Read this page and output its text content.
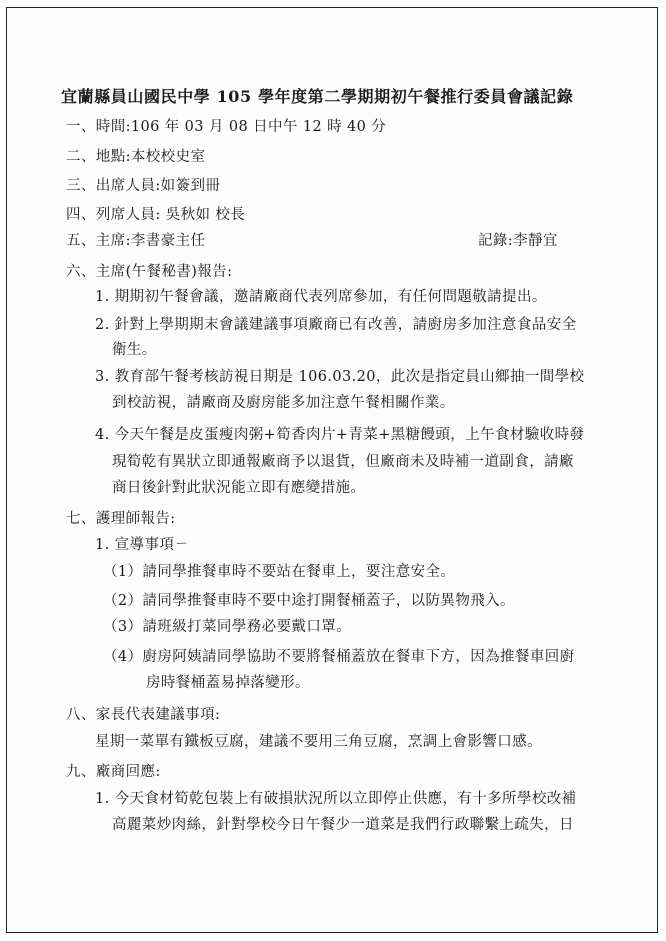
宜蘭縣員山國民中學 105 學年度第二學期期初午餐推行委員會議記錄
一、時間:106 年 03 月 08 日中午 12 時 40 分
二、地點:本校校史室
三、出席人員:如簽到冊
四、列席人員: 吳秋如 校長
五、主席:李書豪主任	記錄:李靜宜
六、主席(午餐秘書)報告:
1. 期期初午餐會議，邀請廠商代表列席參加，有任何問題敬請提出。
2. 針對上學期期末會議建議事項廠商已有改善，請廚房多加注意食品安全
衛生。
3. 教育部午餐考核訪視日期是 106.03.20，此次是指定員山鄉抽一間學校
到校訪視，請廠商及廚房能多加注意午餐相關作業。
4. 今天午餐是皮蛋瘦肉粥+筍香肉片+青菜+黑糖饅頭，上午食材驗收時發
現筍乾有異狀立即通報廠商予以退貨，但廠商未及時補一道副食，請廠
商日後針對此狀況能立即有應變措施。
七、護理師報告:
1. 宣導事項ㄧ
（1）請同學推餐車時不要站在餐車上，要注意安全。
（2）請同學推餐車時不要中途打開餐桶蓋子，以防異物飛入。
（3）請班級打菜同學務必要戴口罩。
（4）廚房阿姨請同學協助不要將餐桶蓋放在餐車下方，因為推餐車回廚
房時餐桶蓋易掉落變形。
八、家長代表建議事項:
星期一菜單有鐵板豆腐，建議不要用三角豆腐，烹調上會影響口感。
九、廠商回應:
1. 今天食材筍乾包裝上有破損狀況所以立即停止供應，有十多所學校改補
高麗菜炒肉絲，針對學校今日午餐少一道菜是我們行政聯繫上疏失，日
